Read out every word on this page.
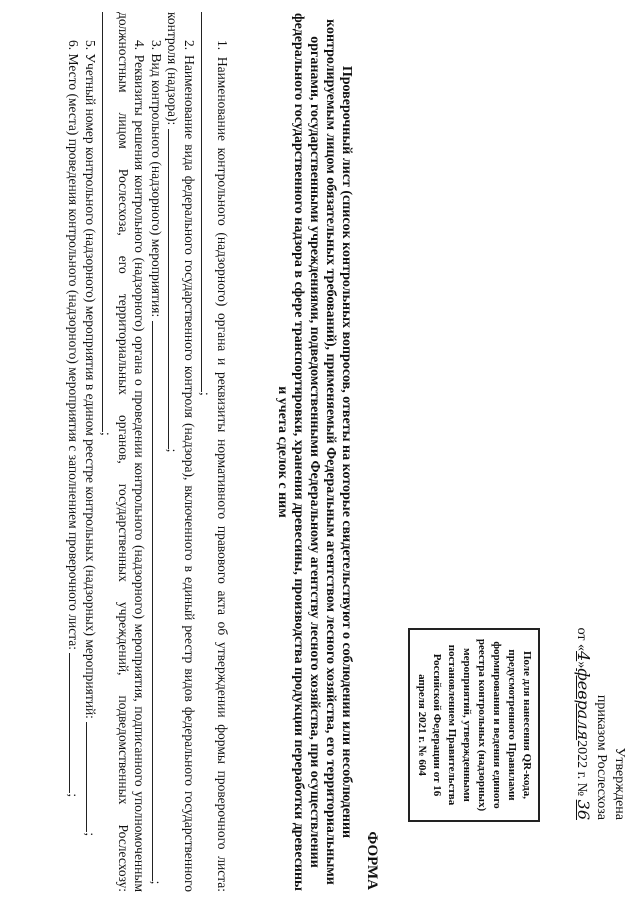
Утверждена
приказом Рослесхоза
от «4»февраля2022 г. № 36
Поле для нанесения QR-кода, предусмотренного Правилами формирования и ведения единого реестра контрольных (надзорных) мероприятий, утвержденными постановлением Правительства Российской Федерации от 16 апреля 2021 г. № 604
ФОРМА
Проверочный лист (список контрольных вопросов, ответы на которые свидетельствуют о соблюдении или несоблюдении контролируемым лицом обязательных требований), применяемый Федеральным агентством лесного хозяйства, его территориальными органами, государственными учреждениями, подведомственными Федеральному агентству лесного хозяйства, при осуществлении федерального государственного надзора в сфере транспортировки, хранения древесины, производства продукции переработки древесины и учета сделок с ним

1. Наименование контрольного (надзорного) органа и реквизиты нормативного правового акта об утверждении формы проверочного листа: ;

2. Наименование вида федерального государственного контроля (надзора), включенного в единый реестр видов федерального государственного контроля (надзора): ;

3. Вид контрольного (надзорного) мероприятия: ;

4. Реквизиты решения контрольного (надзорного) органа о проведении контрольного (надзорного) мероприятия, подписанного уполномоченным должностным лицом Рослесхоза, его территориальных органов, государственных учреждений, подведомственных Рослесхозу: ;

5. Учетный номер контрольного (надзорного) мероприятия в едином реестре контрольных (надзорных) мероприятий: ;

6. Место (места) проведения контрольного (надзорного) мероприятия с заполнением проверочного листа: ;
